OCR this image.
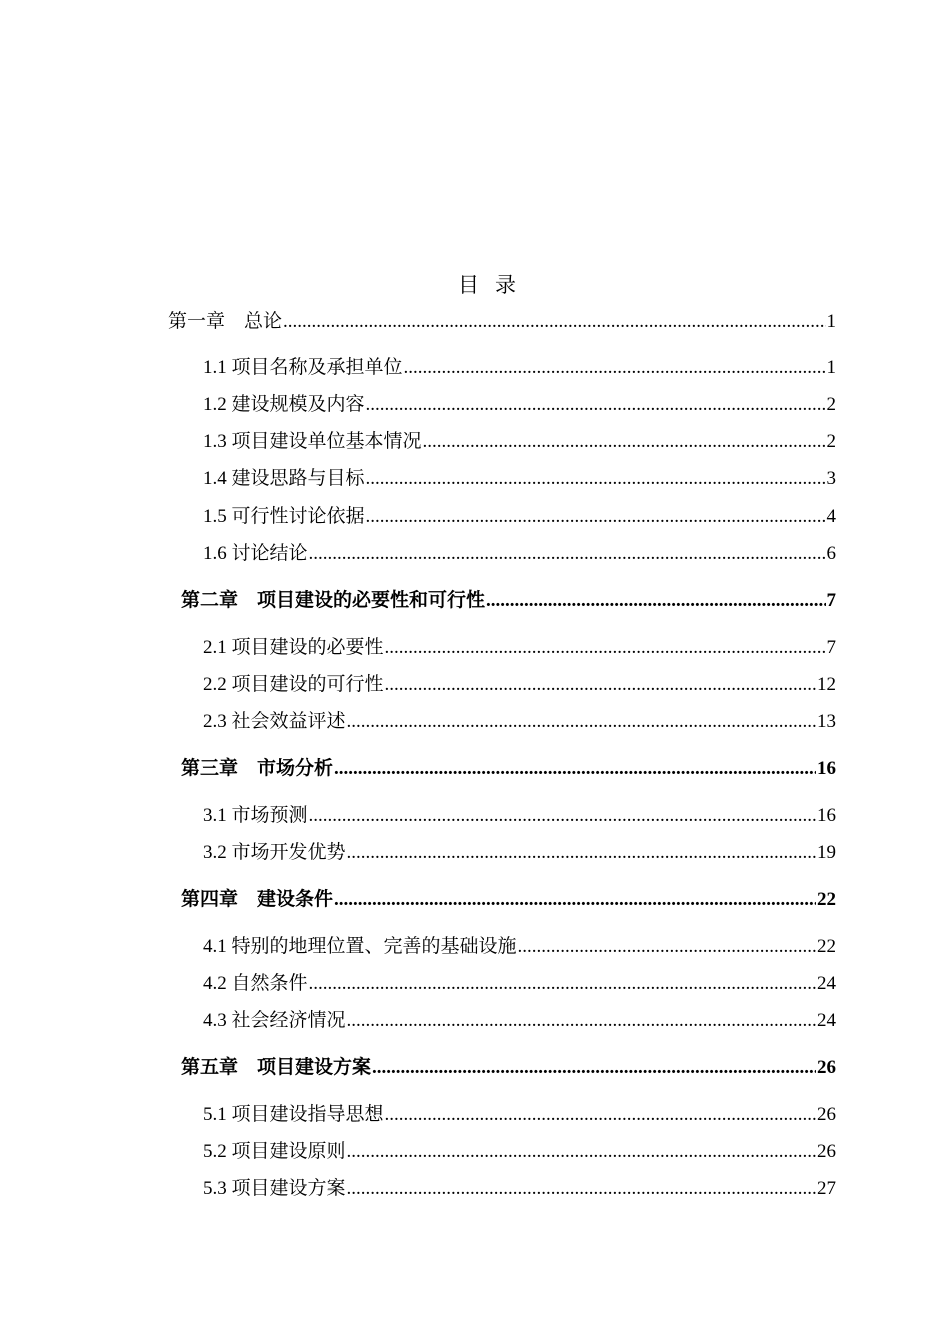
目录
第一章　总论 .....	1
1.1 项目名称及承担单位 .....	1
1.2 建设规模及内容 .....	2
1.3 项目建设单位基本情况 .....	2
1.4 建设思路与目标 .....	3
1.5 可行性讨论依据 .....	4
1.6 讨论结论 .....	6
第二章　项目建设的必要性和可行性 .....	7
2.1 项目建设的必要性 .....	7
2.2 项目建设的可行性 .....	12
2.3 社会效益评述 .....	13
第三章　市场分析 .....	16
3.1 市场预测 .....	16
3.2 市场开发优势 .....	19
第四章　建设条件 .....	22
4.1 特别的地理位置、完善的基础设施 .....	22
4.2 自然条件 .....	24
4.3 社会经济情况 .....	24
第五章　项目建设方案 .....	26
5.1 项目建设指导思想 .....	26
5.2 项目建设原则 .....	26
5.3 项目建设方案 .....	27
